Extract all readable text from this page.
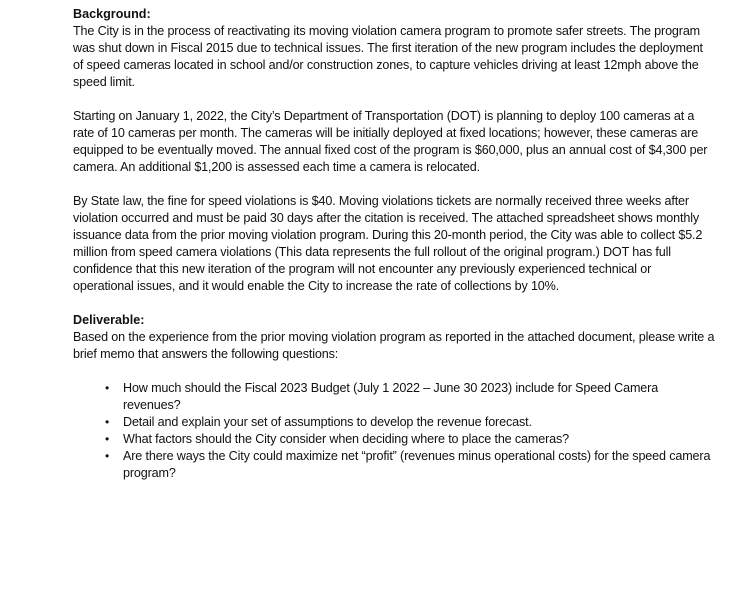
Background:

The City is in the process of reactivating its moving violation camera program to promote safer streets. The program was shut down in Fiscal 2015 due to technical issues. The first iteration of the new program includes the deployment of speed cameras located in school and/or construction zones, to capture vehicles driving at least 12mph above the speed limit.

Starting on January 1, 2022, the City’s Department of Transportation (DOT) is planning to deploy 100 cameras at a rate of 10 cameras per month. The cameras will be initially deployed at fixed locations; however, these cameras are equipped to be eventually moved. The annual fixed cost of the program is $60,000, plus an annual cost of $4,300 per camera. An additional $1,200 is assessed each time a camera is relocated.

By State law, the fine for speed violations is $40. Moving violations tickets are normally received three weeks after violation occurred and must be paid 30 days after the citation is received. The attached spreadsheet shows monthly issuance data from the prior moving violation program. During this 20-month period, the City was able to collect $5.2 million from speed camera violations (This data represents the full rollout of the original program.) DOT has full confidence that this new iteration of the program will not encounter any previously experienced technical or operational issues, and it would enable the City to increase the rate of collections by 10%.

Deliverable:

Based on the experience from the prior moving violation program as reported in the attached document, please write a brief memo that answers the following questions:

•	How much should the Fiscal 2023 Budget (July 1 2022 – June 30 2023) include for Speed Camera revenues?
•	Detail and explain your set of assumptions to develop the revenue forecast.
•	What factors should the City consider when deciding where to place the cameras?
•	Are there ways the City could maximize net “profit” (revenues minus operational costs) for the speed camera program?
